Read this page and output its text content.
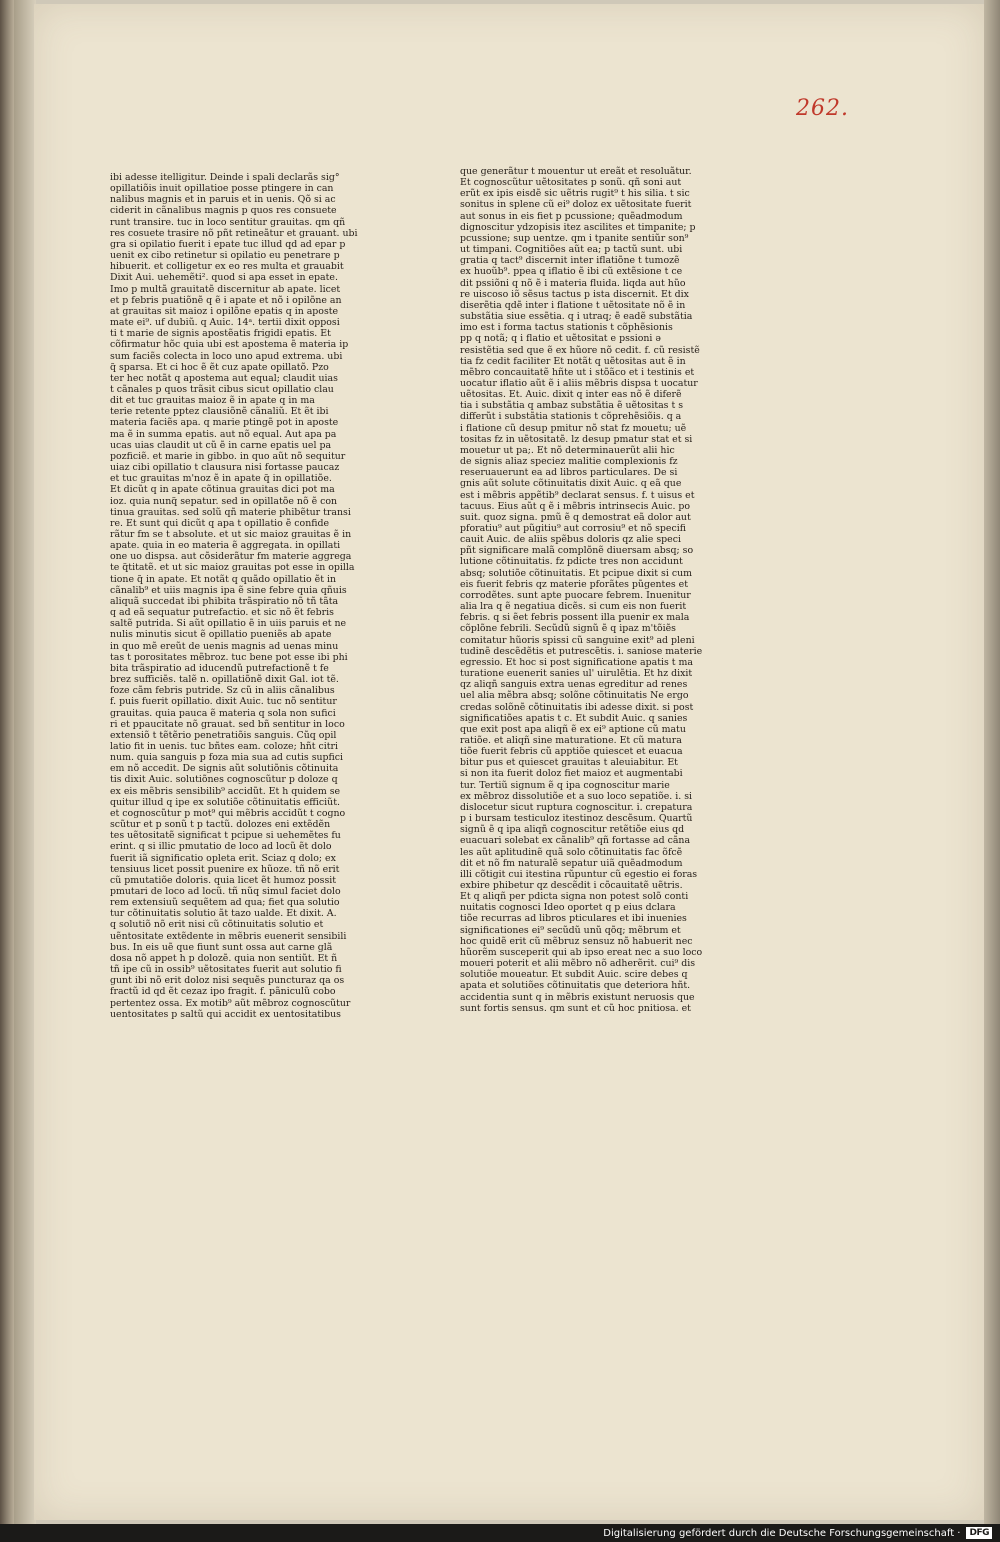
262.
ibi adesse itelligitur. Deinde i spali declarãs sig°
opillatiõis inuit opillatioe posse ptingere in can
nalibus magnis et in paruis et in uenis. Qõ si ac
ciderit in cãnalibus magnis p quos res consuete
runt transire. tuc in loco sentitur grauitas. qm qñ
res cosuete trasire nõ pñt retineãtur et grauant. ubi
gra si opilatio fuerit i epate tuc illud qd ad epar p
uenit ex cibo retinetur si opilatio eu penetrare p
hibuerit. et colligetur ex eo res multa et grauabit
Dixit Aui. uehemẽti². quod si apa esset in epate.
Imo p multã grauitatẽ discernitur ab apate. licet
et p febris puatiõnẽ q ẽ i apate et nõ i opilõne an
at grauitas sit maioz i opilõne epatis q in aposte
mate ei⁹. uf dubiũ. q Auic. 14ᵃ. tertii dixit opposi
ti t marie de signis apostẽatis frigidi epatis. Et
cõfirmatur hõc quia ubi est apostema ẽ materia ip
sum faciẽs colecta in loco uno apud extrema. ubi
q̃ sparsa. Et ci hoc ẽ ẽt cuz apate opillatõ. Pzo
ter hec notãt q apostema aut equal; claudit uias
t cãnales p quos trãsit cibus sicut opillatio clau
dit et tuc grauitas maioz ẽ in apate q in ma
terie retente pptez clausiõnẽ cãnaliũ. Et ẽt ibi
materia faciẽs apa. q marie ptingẽ pot in aposte
ma ẽ in summa epatis. aut nõ equal. Aut apa pa
ucas uias claudit ut cũ ẽ in carne epatis uel pa
pozficiẽ. et marie in gibbo. in quo aũt nõ sequitur
uiaz cibi opillatio t clausura nisi fortasse paucaz
et tuc grauitas m'noz ẽ in apate q̃ in opillatiõe.
Et dicũt q in apate cõtinua grauitas dici pot ma
ioz. quia nunq̃ sepatur. sed in opillatõe nõ ẽ con
tinua grauitas. sed solũ qñ materie phibẽtur transi
re. Et sunt qui dicũt q apa t opillatio ẽ confide
rãtur fm se t absolute. et ut sic maioz grauitas ẽ in
apate. quia in eo materia ẽ aggregata. in opillati
one uo dispsa. aut cõsiderãtur fm materie aggrega
te q̃titatẽ. et ut sic maioz grauitas pot esse in opilla
tione q̃ in apate. Et notãt q quãdo opillatio ẽt in
cãnalib⁹ et uiis magnis ipa ẽ sine febre quia qñuis
aliquã succedat ibi phibita trãspiratio nõ tñ tãta
q ad eã sequatur putrefactio. et sic nõ ẽt febris
saltẽ putrida. Si aũt opillatio ẽ in uiis paruis et ne
nulis minutis sicut ẽ opillatio pueniẽs ab apate
in quo mẽ ereũt de uenis magnis ad uenas minu
tas t porositates mẽbroz. tuc bene pot esse ibi phi
bita trãspiratio ad iducendũ putrefactionẽ t fe
brez sufficiẽs. talẽ n. opillatiõnẽ dixit Gal. iot tẽ.
foze cãm febris putride. Sz cũ in aliis cãnalibus
f. puis fuerit opillatio. dixit Auic. tuc nõ sentitur
grauitas. quia pauca ẽ materia q sola non sufici
ri et ppaucitate nõ grauat. sed bñ sentitur in loco
extensiõ t tẽtẽrio penetratiõis sanguis. Cũq opil
latio fit in uenis. tuc bñtes eam. coloze; hñt citri
num. quia sanguis p foza mia sua ad cutis supfici
em nõ accedit. De signis aũt solutiõnis cõtinuita
tis dixit Auic. solutiõnes cognoscũtur p doloze q
ex eis mẽbris sensibilib⁹ accidũt. Et h quidem se
quitur illud q ipe ex solutiõe cõtinuitatis efficiũt.
et cognoscũtur p mot⁹ qui mẽbris accidũt t cogno
scũtur et p sonũ t p tactũ. dolozes eni extẽdẽn
tes uẽtositatẽ significat t pcipue si uehemẽtes fu
erint. q si illic pmutatio de loco ad locũ ẽt dolo
fuerit iã significatio opleta erit. Sciaz q dolo; ex
tensiuus licet possit puenire ex hũoze. tñ nõ erit
cũ pmutatiõe doloris. quia licet ẽt humoz possit
pmutari de loco ad locũ. tñ nũq simul faciet dolo
rem extensiuũ sequẽtem ad qua; fiet qua solutio
tur cõtinuitatis solutio ãt tazo ualde. Et dixit. A.
q solutiõ nõ erit nisi cũ cõtinuitatis solutio et
uẽntositate extẽdente in mẽbris euenerit sensibili
bus. In eis uẽ que fiunt sunt ossa aut carne glã
dosa nõ appet h p dolozẽ. quia non sentiũt. Et ñ
tñ ipe cũ in ossib⁹ uẽtositates fuerit aut solutio fi
gunt ibi nõ erit doloz nisi sequẽs puncturaz qa os
fractũ id qd ẽt cezaz ipo fragit. f. pãniculũ cobo
pertentez ossa. Ex motib⁹ aũt mẽbroz cognoscũtur
uentositates p saltũ qui accidit ex uentositatibus
que generãtur t mouentur ut ereãt et resoluãtur.
Et cognoscũtur uẽtositates p sonũ. qñ soni aut
erũt ex ipis eisdẽ sic uẽtris rugit⁹ t his silia. t sic
sonitus in splene cũ ei⁹ doloz ex uẽtositate fuerit
aut sonus in eis fiet p pcussione; quẽadmodum
dignoscitur ydzopisis itez ascilites et timpanite; p
pcussione; sup uentze. qm i tpanite sentiũr son⁹
ut timpani. Cognitiões aũt ea; p tactũ sunt. ubi
gratia q tact⁹ discernit inter iflatiõne t tumozẽ
ex huoũb⁹. ppea q iflatio ẽ ibi cũ extẽsione t ce
dit pssiõni q nõ ẽ i materia fluida. liqda aut hũo
re uiscoso iõ sẽsus tactus p ista discernit. Et dix
diserẽtia qdẽ inter i flatione t uẽtositate nõ ẽ in
substãtia siue essẽtia. q i utraq; ẽ eadẽ substãtia
imo est i forma tactus stationis t cõphẽsionis
pp q notã; q i flatio et uẽtositat e pssioni ə
resistẽtia sed que ẽ ex hũore nõ cedit. f. cũ resistẽ
tia fz cedit faciliter Et notãt q uẽtositas aut ẽ in
mẽbro concauitatẽ hñte ut i stõãco et i testinis et
uocatur iflatio aũt ẽ i aliis mẽbris dispsa t uocatur
uẽtositas. Et. Auic. dixit q inter eas nõ ẽ diferẽ
tia i substãtia q ambaz substãtia ẽ uẽtositas t s
differũt i substãtia stationis t cõprehẽsiõis. q a
i flatione cũ desup pmitur nõ stat fz mouetu; uẽ
tositas fz in uẽtositatẽ. lz desup pmatur stat et si
mouetur ut pa;. Et nõ determinauerũt alii hic
de signis aliaz speciez malitie complexionis fz
reseruauerunt ea ad libros particulares. De si
gnis aũt solute cõtinuitatis dixit Auic. q eã que
est i mẽbris appẽtib⁹ declarat sensus. f. t uisus et
tacuus. Eius aũt q ẽ i mẽbris intrinsecis Auic. po
suit. quoz signa. pmũ ẽ q demostrat eã dolor aut
pforatiu⁹ aut pũgitiu⁹ aut corrosiu⁹ et nõ specifi
cauit Auic. de aliis spẽbus doloris qz alie speci
pñt significare malã complõnẽ diuersam absq; so
lutione cõtinuitatis. fz pdicte tres non accidunt
absq; solutiõe cõtinuitatis. Et pcipue dixit si cum
eis fuerit febris qz materie pforãtes pũgentes et
corrodẽtes. sunt apte puocare febrem. Inuenitur
alia lra q ẽ negatiua dicẽs. si cum eis non fuerit
febris. q si ẽet febris possent illa puenir ex mala
cõplõne febrili. Secũdũ signũ ẽ q ipaz m'tõiẽs
comitatur hũoris spissi cũ sanguine exit⁹ ad pleni
tudinẽ descẽdẽtis et putrescẽtis. i. saniose materie
egressio. Et hoc si post significatione apatis t ma
turatione euenerit sanies ul' uirulẽtia. Et hz dixit
qz aliqñ sanguis extra uenas egreditur ad renes
uel alia mẽbra absq; solõne cõtinuitatis Ne ergo
credas solõnẽ cõtinuitatis ibi adesse dixit. si post
significatiões apatis t c. Et subdit Auic. q sanies
que exit post apa aliqñ ẽ ex ei⁹ aptione cũ matu
ratiõe. et aliqñ sine maturatione. Et cũ matura
tiõe fuerit febris cũ apptiõe quiescet et euacua
bitur pus et quiescet grauitas t aleuiabitur. Et
si non ita fuerit doloz fiet maioz et augmentabi
tur. Tertiũ signum ẽ q ipa cognoscitur marie
ex mẽbroz dissolutiõe et a suo loco sepatiõe. i. si
dislocetur sicut ruptura cognoscitur. i. crepatura
p i bursam testiculoz itestinoz descẽsum. Quartũ
signũ ẽ q ipa aliqñ cognoscitur retẽtiõe eius qd
euacuari solebat ex cãnalib⁹ qñ fortasse ad cãna
les aũt aplitudinẽ quã solo cõtinuitatis fac õfcẽ
dit et nõ fm naturalẽ sepatur uiã quẽadmodum
illi cõtigit cui itestina rũpuntur cũ egestio ei foras
exbire phibetur qz descẽdit i cõcauitatẽ uẽtris.
Et q aliqñ per pdicta signa non potest solõ conti
nuitatis cognosci Ideo oportet q p eius dclara
tiõe recurras ad libros pticulares et ibi inuenies
significationes ei⁹ secũdũ unũ qõq; mẽbrum et
hoc quidẽ erit cũ mẽbruz sensuz nõ habuerit nec
hũorẽm susceperit qui ab ipso ereat nec a suo loco
moueri poterit et alii mẽbro nõ adherẽrit. cui⁹ dis
solutiõe moueatur. Et subdit Auic. scire debes q
apata et solutiões cõtinuitatis que deteriora hñt.
accidentia sunt q in mẽbris existunt neruosis que
sunt fortis sensus. qm sunt et cũ hoc pnitiosa. et
Digitalisierung gefördert durch die Deutsche Forschungsgemeinschaft ·	DFG
